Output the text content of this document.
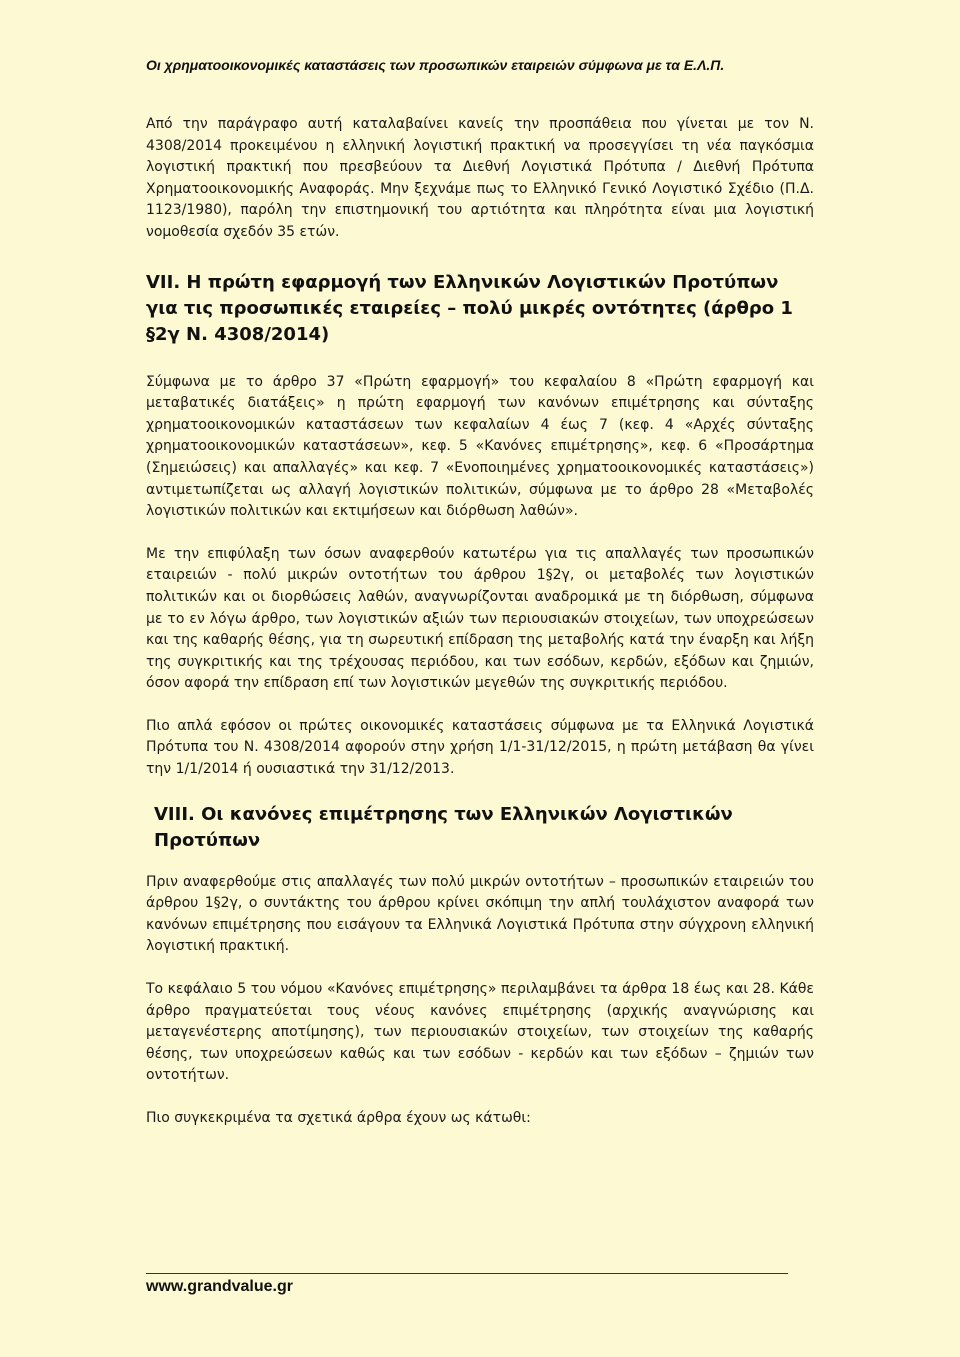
Οι χρηματοοικονομικές καταστάσεις των προσωπικών εταιρειών σύμφωνα με τα Ε.Λ.Π.

Από την παράγραφο αυτή καταλαβαίνει κανείς την προσπάθεια που γίνεται με τον Ν. 4308/2014 προκειμένου η ελληνική λογιστική πρακτική να προσεγγίσει τη νέα παγκόσμια λογιστική πρακτική που πρεσβεύουν τα Διεθνή Λογιστικά Πρότυπα / Διεθνή Πρότυπα Χρηματοοικονομικής Αναφοράς. Μην ξεχνάμε πως το Ελληνικό Γενικό Λογιστικό Σχέδιο (Π.Δ. 1123/1980), παρόλη την επιστημονική του αρτιότητα και πληρότητα είναι μια λογιστική νομοθεσία σχεδόν 35 ετών.

VII. Η πρώτη εφαρμογή των Ελληνικών Λογιστικών Προτύπων για τις προσωπικές εταιρείες – πολύ μικρές οντότητες (άρθρο 1 §2γ Ν. 4308/2014)

Σύμφωνα με το άρθρο 37 «Πρώτη εφαρμογή» του κεφαλαίου 8 «Πρώτη εφαρμογή και μεταβατικές διατάξεις» η πρώτη εφαρμογή των κανόνων επιμέτρησης και σύνταξης χρηματοοικονομικών καταστάσεων των κεφαλαίων 4 έως 7 (κεφ. 4 «Αρχές σύνταξης χρηματοοικονομικών καταστάσεων», κεφ. 5 «Κανόνες επιμέτρησης», κεφ. 6 «Προσάρτημα (Σημειώσεις) και απαλλαγές» και κεφ. 7 «Ενοποιημένες χρηματοοικονομικές καταστάσεις») αντιμετωπίζεται ως αλλαγή λογιστικών πολιτικών, σύμφωνα με το άρθρο 28 «Μεταβολές λογιστικών πολιτικών και εκτιμήσεων και διόρθωση λαθών».

Με την επιφύλαξη των όσων αναφερθούν κατωτέρω για τις απαλλαγές των προσωπικών εταιρειών - πολύ μικρών οντοτήτων του άρθρου 1§2γ, οι μεταβολές των λογιστικών πολιτικών και οι διορθώσεις λαθών, αναγνωρίζονται αναδρομικά με τη διόρθωση, σύμφωνα με το εν λόγω άρθρο, των λογιστικών αξιών των περιουσιακών στοιχείων, των υποχρεώσεων και της καθαρής θέσης, για τη σωρευτική επίδραση της μεταβολής κατά την έναρξη και λήξη της συγκριτικής και της τρέχουσας περιόδου, και των εσόδων, κερδών, εξόδων και ζημιών, όσον αφορά την επίδραση επί των λογιστικών μεγεθών της συγκριτικής περιόδου.

Πιο απλά εφόσον οι πρώτες οικονομικές καταστάσεις σύμφωνα με τα Ελληνικά Λογιστικά Πρότυπα του Ν. 4308/2014 αφορούν στην χρήση 1/1-31/12/2015, η πρώτη μετάβαση θα γίνει την 1/1/2014 ή ουσιαστικά την 31/12/2013.

VIII. Οι κανόνες επιμέτρησης των Ελληνικών Λογιστικών Προτύπων

Πριν αναφερθούμε στις απαλλαγές των πολύ μικρών οντοτήτων – προσωπικών εταιρειών του άρθρου 1§2γ, ο συντάκτης του άρθρου κρίνει σκόπιμη την απλή τουλάχιστον αναφορά των κανόνων επιμέτρησης που εισάγουν τα Ελληνικά Λογιστικά Πρότυπα στην σύγχρονη ελληνική λογιστική πρακτική.

Το κεφάλαιο 5 του νόμου «Κανόνες επιμέτρησης» περιλαμβάνει τα άρθρα 18 έως και 28. Κάθε άρθρο πραγματεύεται τους νέους κανόνες επιμέτρησης (αρχικής αναγνώρισης και μεταγενέστερης αποτίμησης), των περιουσιακών στοιχείων, των στοιχείων της καθαρής θέσης, των υποχρεώσεων καθώς και των εσόδων - κερδών και των εξόδων – ζημιών των οντοτήτων.

Πιο συγκεκριμένα τα σχετικά άρθρα έχουν ως κάτωθι:

www.grandvalue.gr
